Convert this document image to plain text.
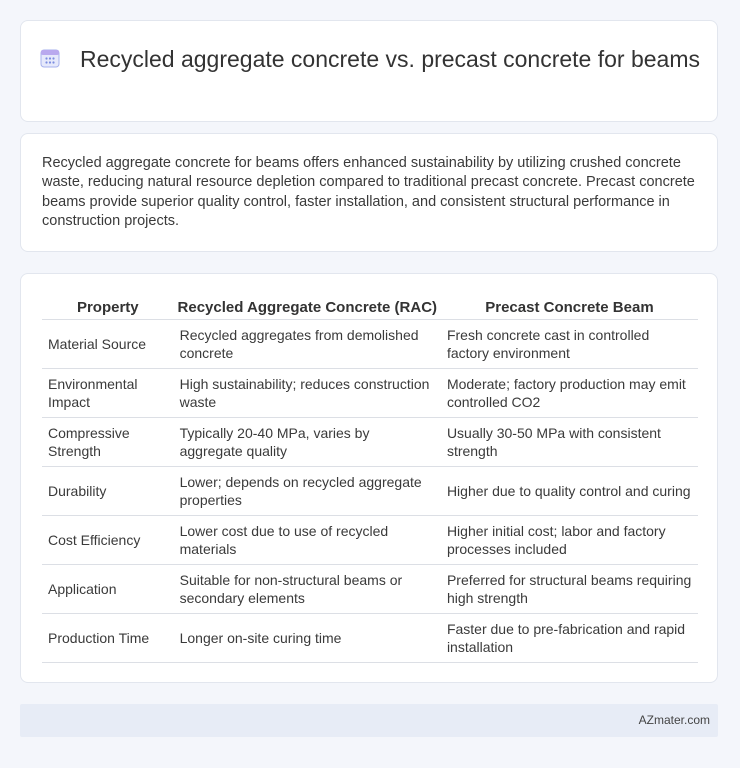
Recycled aggregate concrete vs. precast concrete for beams
Recycled aggregate concrete for beams offers enhanced sustainability by utilizing crushed concrete waste, reducing natural resource depletion compared to traditional precast concrete. Precast concrete beams provide superior quality control, faster installation, and consistent structural performance in construction projects.
Property	Recycled Aggregate Concrete (RAC)	Precast Concrete Beam
Material Source	Recycled aggregates from demolished concrete	Fresh concrete cast in controlled factory environment
Environmental Impact	High sustainability; reduces construction waste	Moderate; factory production may emit controlled CO2
Compressive Strength	Typically 20-40 MPa, varies by aggregate quality	Usually 30-50 MPa with consistent strength
Durability	Lower; depends on recycled aggregate properties	Higher due to quality control and curing
Cost Efficiency	Lower cost due to use of recycled materials	Higher initial cost; labor and factory processes included
Application	Suitable for non-structural beams or secondary elements	Preferred for structural beams requiring high strength
Production Time	Longer on-site curing time	Faster due to pre-fabrication and rapid installation
AZmater.com
